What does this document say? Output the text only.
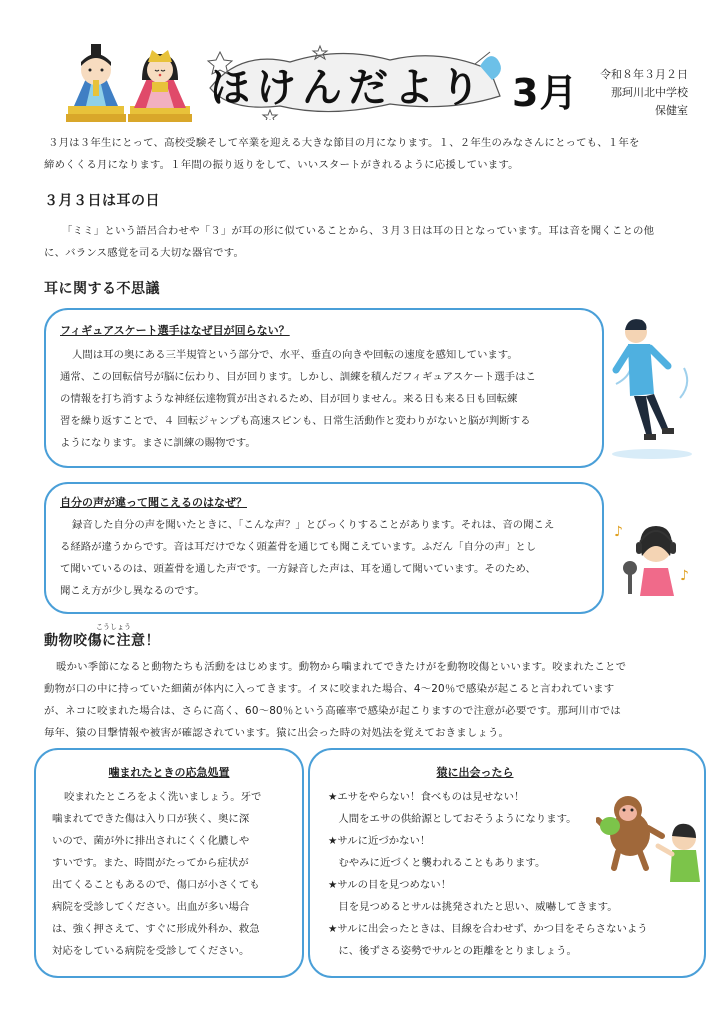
ほけんだより 3月	令和８年３月２日
那珂川北中学校
保健室
３月は３年生にとって、高校受験そして卒業を迎える大きな節目の月になります。１、２年生のみなさんにとっても、１年を
締めくくる月になります。１年間の振り返りをして、いいスタートがきれるように応援しています。
３月３日は耳の日
「ミミ」という語呂合わせや「３」が耳の形に似ていることから、３月３日は耳の日となっています。耳は音を聞くことの他
に、バランス感覚を司る大切な器官です。
耳に関する不思議
フィギュアスケート選手はなぜ目が回らない？
人間は耳の奥にある三半規管という部分で、水平、垂直の向きや回転の速度を感知しています。
通常、この回転信号が脳に伝わり、目が回ります。しかし、訓練を積んだフィギュアスケート選手はこ
の情報を打ち消すような神経伝達物質が出されるため、目が回りません。来る日も来る日も回転練
習を繰り返すことで、４ 回転ジャンプも高速スピンも、日常生活動作と変わりがないと脳が判断する
ようになります。まさに訓練の賜物です。
自分の声が違って聞こえるのはなぜ？
録音した自分の声を聞いたときに、「こんな声？」とびっくりすることがあります。それは、音の聞こえ
る経路が違うからです。音は耳だけでなく頭蓋骨を通じても聞こえています。ふだん「自分の声」とし
て聞いているのは、頭蓋骨を通した声です。一方録音した声は、耳を通して聞いています。そのため、
聞こえ方が少し異なるのです。
♪
♪
こうしょう
動物咬傷に注意！
暖かい季節になると動物たちも活動をはじめます。動物から噛まれてできたけがを動物咬傷といいます。咬まれたことで
動物が口の中に持っていた細菌が体内に入ってきます。イヌに咬まれた場合、4～20％で感染が起こると言われています
が、ネコに咬まれた場合は、さらに高く、60～80％という高確率で感染が起こりますので注意が必要です。那珂川市では
毎年、猿の目撃情報や被害が確認されています。猿に出会った時の対処法を覚えておきましょう。
噛まれたときの応急処置
咬まれたところをよく洗いましょう。牙で
噛まれてできた傷は入り口が狭く、奥に深
いので、菌が外に排出されにくく化膿しや
すいです。また、時間がたってから症状が
出てくることもあるので、傷口が小さくても
病院を受診してください。出血が多い場合
は、強く押さえて、すぐに形成外科か、救急
対応をしている病院を受診してください。
猿に出会ったら
★エサをやらない！食べものは見せない！
　人間をエサの供給源としておそうようになります。
★サルに近づかない！
　むやみに近づくと襲われることもあります。
★サルの目を見つめない！
　目を見つめるとサルは挑発されたと思い、威嚇してきます。
★サルに出会ったときは、目線を合わせず、かつ目をそらさないよう
　に、後ずさる姿勢でサルとの距離をとりましょう。
